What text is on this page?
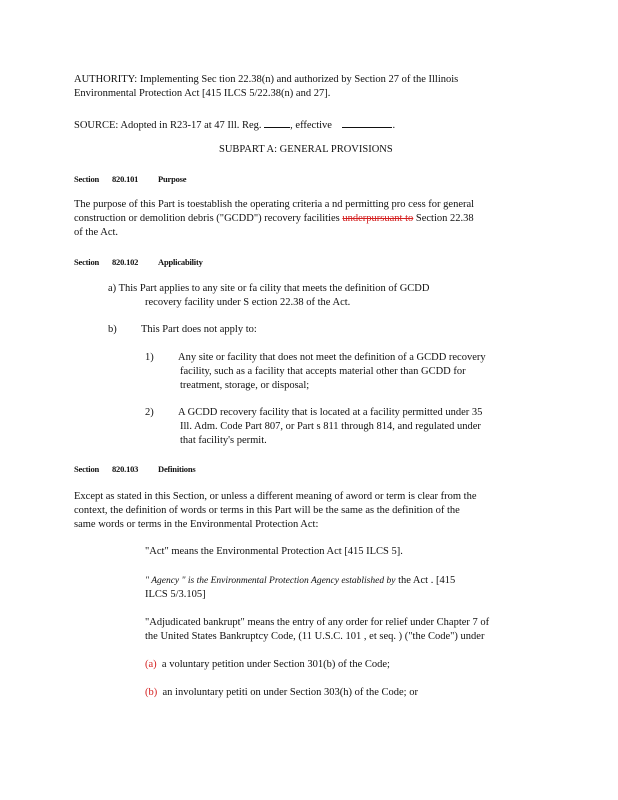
AUTHORITY: Implementing Sec tion 22.38(n) and authorized by Section 27 of the Illinois

Environmental Protection Act [415 ILCS 5/22.38(n) and 27].

SOURCE: Adopted in R23-17 at 47 Ill. Reg.	, effective	.

SUBPART A: GENERAL PROVISIONS

Section 820.101 Purpose

The purpose of this Part is toestablish the operating criteria a nd permitting pro cess for general

construction or demolition debris ("GCDD") recovery facilities underpursuant to Section 22.38

of the Act.

Section 820.102 Applicability

a) This Part applies to any site or fa cility that meets the definition of GCDD

recovery facility under S ection 22.38 of the Act.

b) This Part does not apply to:

1) Any site or facility that does not meet the definition of a GCDD recovery

facility, such as a facility that accepts material other than GCDD for

treatment, storage, or disposal;

2) A GCDD recovery facility that is located at a facility permitted under 35

Ill. Adm. Code Part 807, or Part s 811 through 814, and regulated under

that facility's permit.

Section 820.103 Definitions

Except as stated in this Section, or unless a different meaning of aword or term is clear from the

context, the definition of words or terms in this Part will be the same as the definition of the

same words or terms in the Environmental Protection Act:

"Act" means the Environmental Protection Act [415 ILCS 5].

" Agency " is the Environmental Protection Agency established by the Act . [415

ILCS 5/3.105]

"Adjudicated bankrupt" means the entry of any order for relief under Chapter 7 of

the United States Bankruptcy Code, (11 U.S.C. 101 , et seq. ) ("the Code") under

(a) a voluntary petition under Section 301(b) of the Code;

(b) an involuntary petiti on under Section 303(h) of the Code; or
